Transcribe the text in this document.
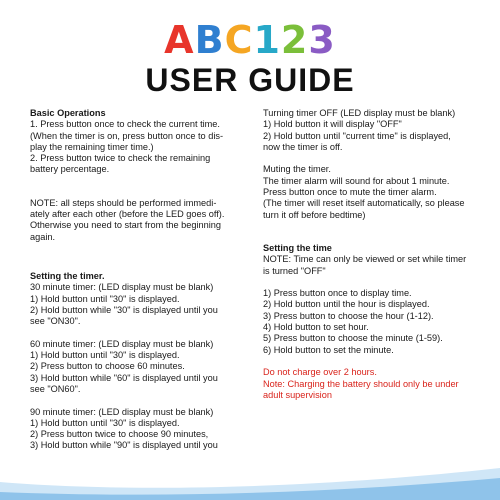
ABC123
USER GUIDE
Basic Operations
1. Press button once to check the current time.
(When the timer is on, press button once to dis-
play the remaining timer time.)
2. Press button twice to check the remaining
battery percentage.
NOTE: all steps should be performed immedi-
ately after each other (before the LED goes off).
Otherwise you need to start from the beginning
again.
Setting the timer.
30 minute timer: (LED display must be blank)
1) Hold button until "30" is displayed.
2) Hold button while "30" is displayed until you
see "ON30".
60 minute timer: (LED display must be blank)
1) Hold button until "30" is displayed.
2) Press button to choose 60 minutes.
3) Hold button while "60" is displayed until you
see "ON60".
90 minute timer: (LED display must be blank)
1) Hold button until "30" is displayed.
2) Press button twice to choose 90 minutes,
3) Hold button while "90" is displayed until you
Turning timer OFF (LED display must be blank)
1) Hold button it will display "OFF"
2) Hold button until "current time" is displayed,
now the timer is off.
Muting the timer.
The timer alarm will sound for about 1 minute.
Press button once to mute the timer alarm.
(The timer will reset itself automatically, so please
turn it off before bedtime)
Setting the time
NOTE: Time can only be viewed or set while timer
is turned "OFF"
1) Press button once to display time.
2) Hold button until the hour is displayed.
3) Press button to choose the hour (1-12).
4) Hold button to set hour.
5) Press button to choose the minute (1-59).
6) Hold button to set the minute.
Do not charge over 2 hours.
Note: Charging the battery should only be under
adult supervision
